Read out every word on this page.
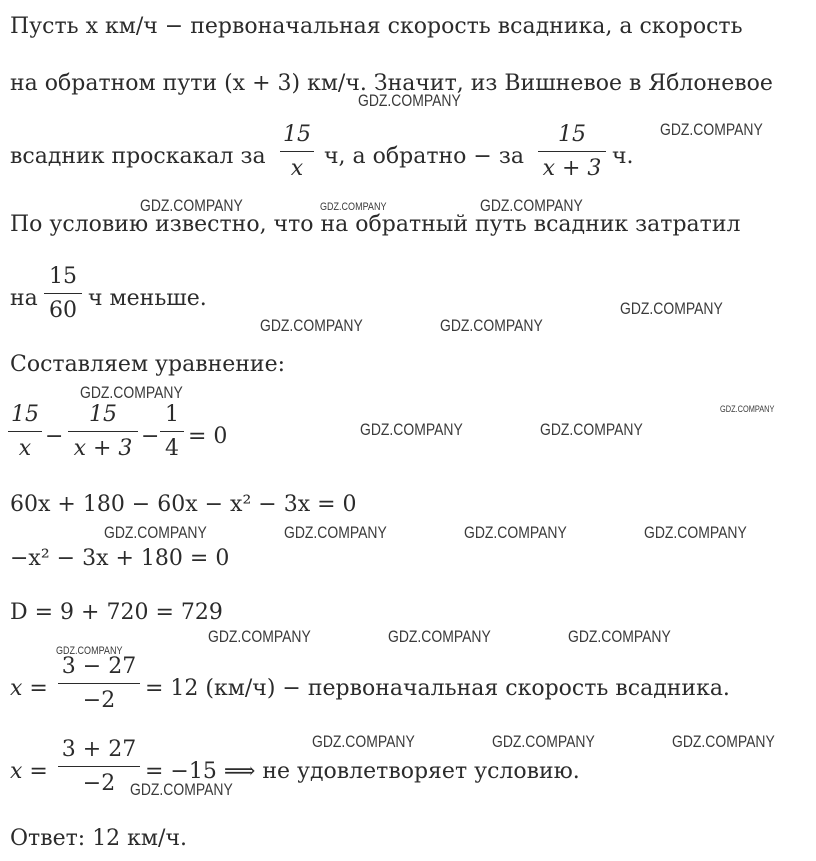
Пусть x км/ч − первоначальная скорость всадника, а скорость
на обратном пути (x + 3) км/ч. Значит, из Вишневое в Яблоневое
всадник проскакал за
15
x ч, а обратно − за
15
x + 3 ч.
По условию известно, что на обратный путь всадник затратил
на
15
60 ч меньше.
Составляем уравнение:
15
x −
15
x + 3 −
1
4 = 0
60x + 180 − 60x − x² − 3x = 0
−x² − 3x + 180 = 0
D = 9 + 720 = 729
x =
3 − 27
−2	= 12 (км/ч) − первоначальная скорость всадника.
x =
3 + 27
−2	= −15 ⟹ не удовлетворяет условию.
Ответ: 12 км/ч.
GDZ.COMPANY
GDZ.COMPANY
GDZ.COMPANY	GDZ.COMPANY	GDZ.COMPANY
GDZ.COMPANY
GDZ.COMPANY	GDZ.COMPANY
GDZ.COMPANY
GDZ.COMPANY
GDZ.COMPANY	GDZ.COMPANY
GDZ.COMPANY	GDZ.COMPANY	GDZ.COMPANY	GDZ.COMPANY
GDZ.COMPANY	GDZ.COMPANY	GDZ.COMPANY
GDZ.COMPANY
GDZ.COMPANY	GDZ.COMPANY	GDZ.COMPANY
GDZ.COMPANY
